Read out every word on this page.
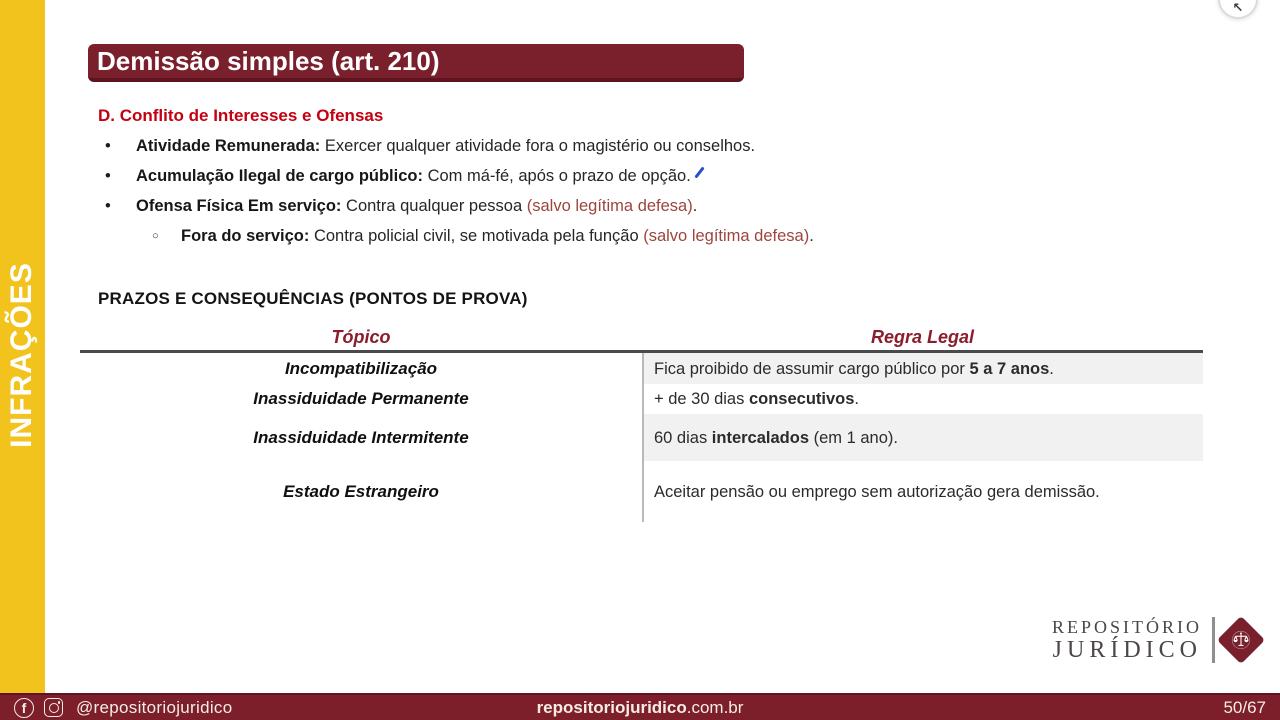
INFRAÇÕES
↖
Demissão simples (art. 210)
D. Conflito de Interesses e Ofensas
•	Atividade Remunerada: Exercer qualquer atividade fora o magistério ou conselhos.
•	Acumulação Ilegal de cargo público: Com má-fé, após o prazo de opção.
•	Ofensa Física Em serviço: Contra qualquer pessoa (salvo legítima defesa).
○	Fora do serviço: Contra policial civil, se motivada pela função (salvo legítima defesa).
PRAZOS E CONSEQUÊNCIAS (PONTOS DE PROVA)
Tópico	Regra Legal
Incompatibilização	Fica proibido de assumir cargo público por 5 a 7 anos.
Inassiduidade Permanente	+ de 30 dias consecutivos.
Inassiduidade Intermitente	60 dias intercalados (em 1 ano).
Estado Estrangeiro	Aceitar pensão ou emprego sem autorização gera demissão.
REPOSITÓRIO
JURÍDICO
f	@repositoriojuridico	repositoriojuridico.com.br	50/67
